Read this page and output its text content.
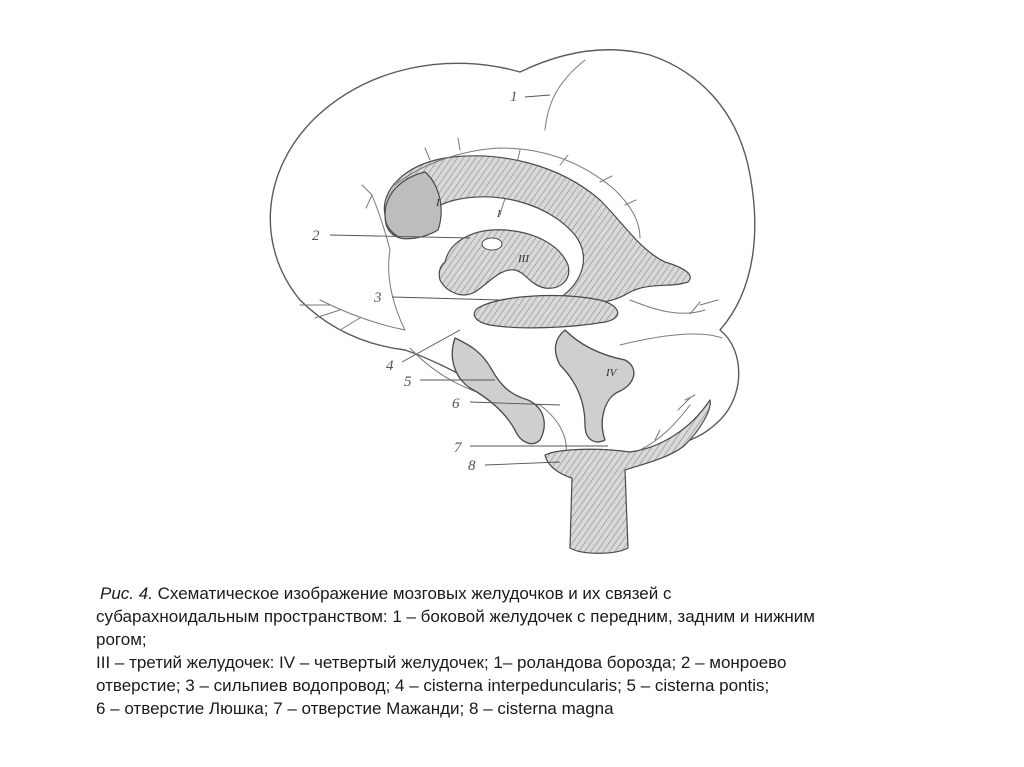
1
2
3
4
5
6
7
8
I
I
III
IV
Рис. 4. Схематическое изображение мозговых желудочков и их связей с
субарахноидальным пространством: 1 – боковой желудочек с передним, задним и нижним
рогом;
III – третий желудочек: IV – четвертый желудочек; 1– роландова борозда; 2 – монроево
отверстие; 3 – сильпиев водопровод; 4 – cisterna interpeduncularis; 5 – cisterna pontis;
6 – отверстие Люшка; 7 – отверстие Мажанди; 8 – cisterna magna
